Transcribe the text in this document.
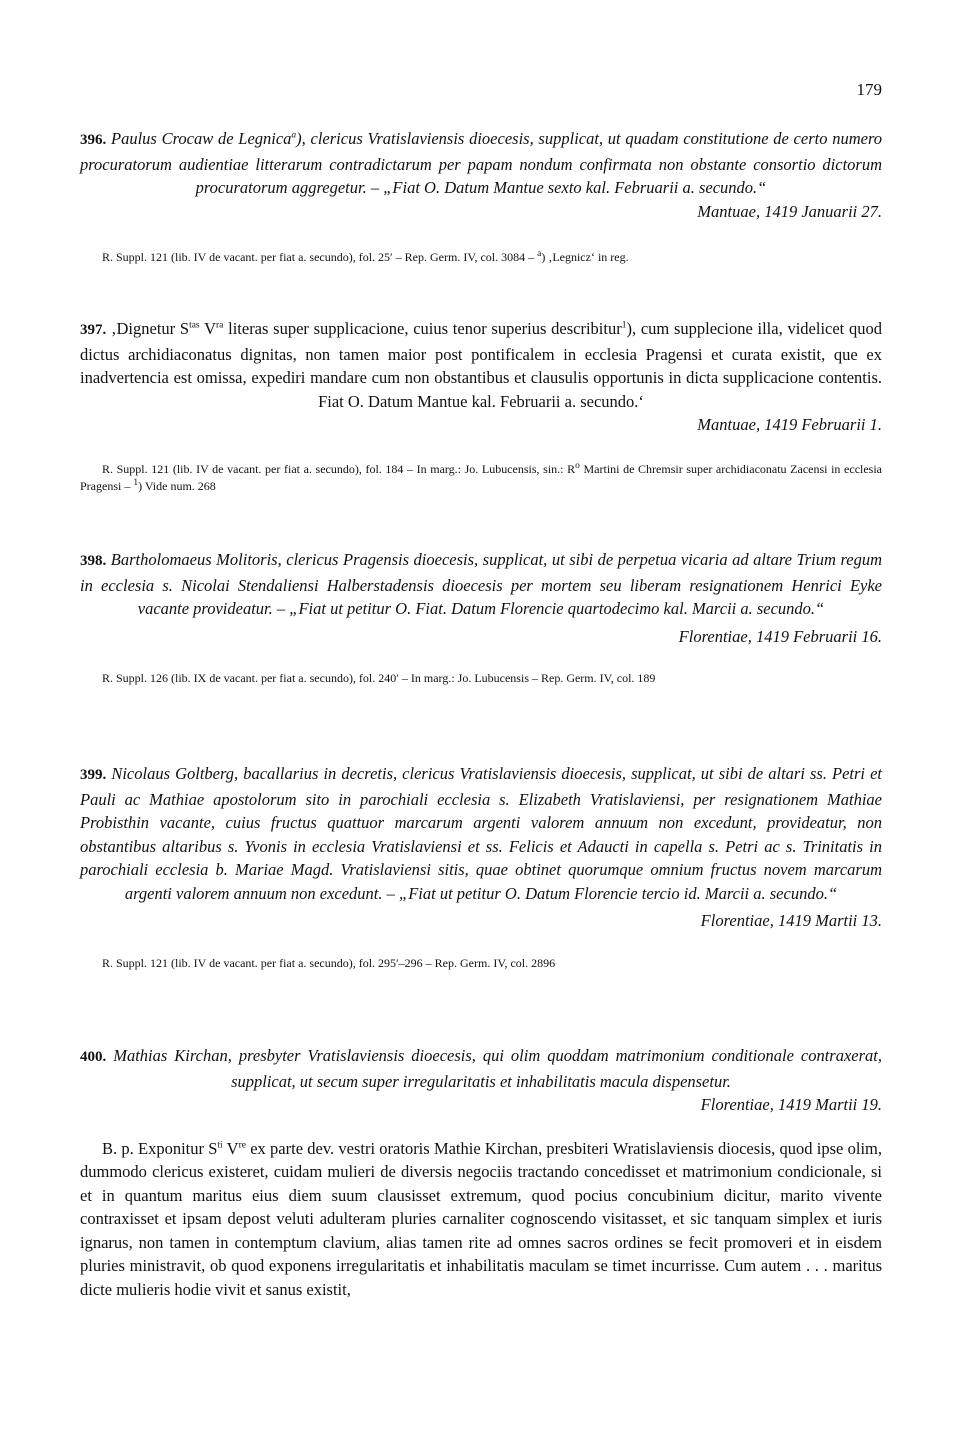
179

396. Paulus Crocaw de Legnica$^a$), clericus Vratislaviensis dioecesis, supplicat, ut quadam constitutione de certo numero procuratorum audientiae litterarum contradictarum per papam nondum confirmata non obstante consortio dictorum procuratorum aggregetur. – „Fiat O. Datum Mantue sexto kal. Februarii a. secundo.“

Mantuae, 1419 Januarii 27.

R. Suppl. 121 (lib. IV de vacant. per fiat a. secundo), fol. 25′ – Rep. Germ. IV, col. 3084 – $^a$) ‚Legnicz‘ in reg.

397. ‚Dignetur $S^{tas}$ $V^{ra}$ literas super supplicacione, cuius tenor superius describitur$^1$), cum supplecione illa, videlicet quod dictus archidiaconatus dignitas, non tamen maior post pontificalem in ecclesia Pragensi et curata existit, que ex inadvertencia est omissa, expediri mandare cum non obstantibus et clausulis opportunis in dicta supplicacione contentis. Fiat O. Datum Mantue kal. Februarii a. secundo.‘

Mantuae, 1419 Februarii 1.

R. Suppl. 121 (lib. IV de vacant. per fiat a. secundo), fol. 184 – In marg.: Jo. Lubucensis, sin.: $R^o$ Martini de Chremsir super archidiaconatu Zacensi in ecclesia Pragensi – $^1$) Vide num. 268

398. Bartholomaeus Molitoris, clericus Pragensis dioecesis, supplicat, ut sibi de perpetua vicaria ad altare Trium regum in ecclesia s. Nicolai Stendaliensi Halberstadensis dioecesis per mortem seu liberam resignationem Henrici Eyke vacante provideatur. – „Fiat ut petitur O. Fiat. Datum Florencie quartodecimo kal. Marcii a. secundo.“

Florentiae, 1419 Februarii 16.

R. Suppl. 126 (lib. IX de vacant. per fiat a. secundo), fol. 240′ – In marg.: Jo. Lubucensis – Rep. Germ. IV, col. 189

399. Nicolaus Goltberg, bacallarius in decretis, clericus Vratislaviensis dioecesis, supplicat, ut sibi de altari ss. Petri et Pauli ac Mathiae apostolorum sito in parochiali ecclesia s. Elizabeth Vratislaviensi, per resignationem Mathiae Probisthin vacante, cuius fructus quattuor marcarum argenti valorem annuum non excedunt, provideatur, non obstantibus altaribus s. Yvonis in ecclesia Vratislaviensi et ss. Felicis et Adaucti in capella s. Petri ac s. Trinitatis in parochiali ecclesia b. Mariae Magd. Vratislaviensi sitis, quae obtinet quorumque omnium fructus novem marcarum argenti valorem annuum non excedunt. – „Fiat ut petitur O. Datum Florencie tercio id. Marcii a. secundo.“

Florentiae, 1419 Martii 13.

R. Suppl. 121 (lib. IV de vacant. per fiat a. secundo), fol. 295′–296 – Rep. Germ. IV, col. 2896

400. Mathias Kirchan, presbyter Vratislaviensis dioecesis, qui olim quoddam matrimonium conditionale contraxerat, supplicat, ut secum super irregularitatis et inhabilitatis macula dispensetur.

Florentiae, 1419 Martii 19.

B. p. Exponitur $S^{ti}$ Vre ex parte dev. vestri oratoris Mathie Kirchan, presbiteri Wratislaviensis diocesis, quod ipse olim, dummodo clericus existeret, cuidam mulieri de diversis negociis tractando concedisset et matrimonium condicionale, si et in quantum maritus eius diem suum clausisset extremum, quod pocius concubinium dicitur, marito vivente contraxisset et ipsam depost veluti adulteram pluries carnaliter cognoscendo visitasset, et sic tanquam simplex et iuris ignarus, non tamen in contemptum clavium, alias tamen rite ad omnes sacros ordines se fecit promoveri et in eisdem pluries ministravit, ob quod exponens irregularitatis et inhabilitatis maculam se timet incurrisse. Cum autem . . . maritus dicte mulieris hodie vivit et sanus existit,
